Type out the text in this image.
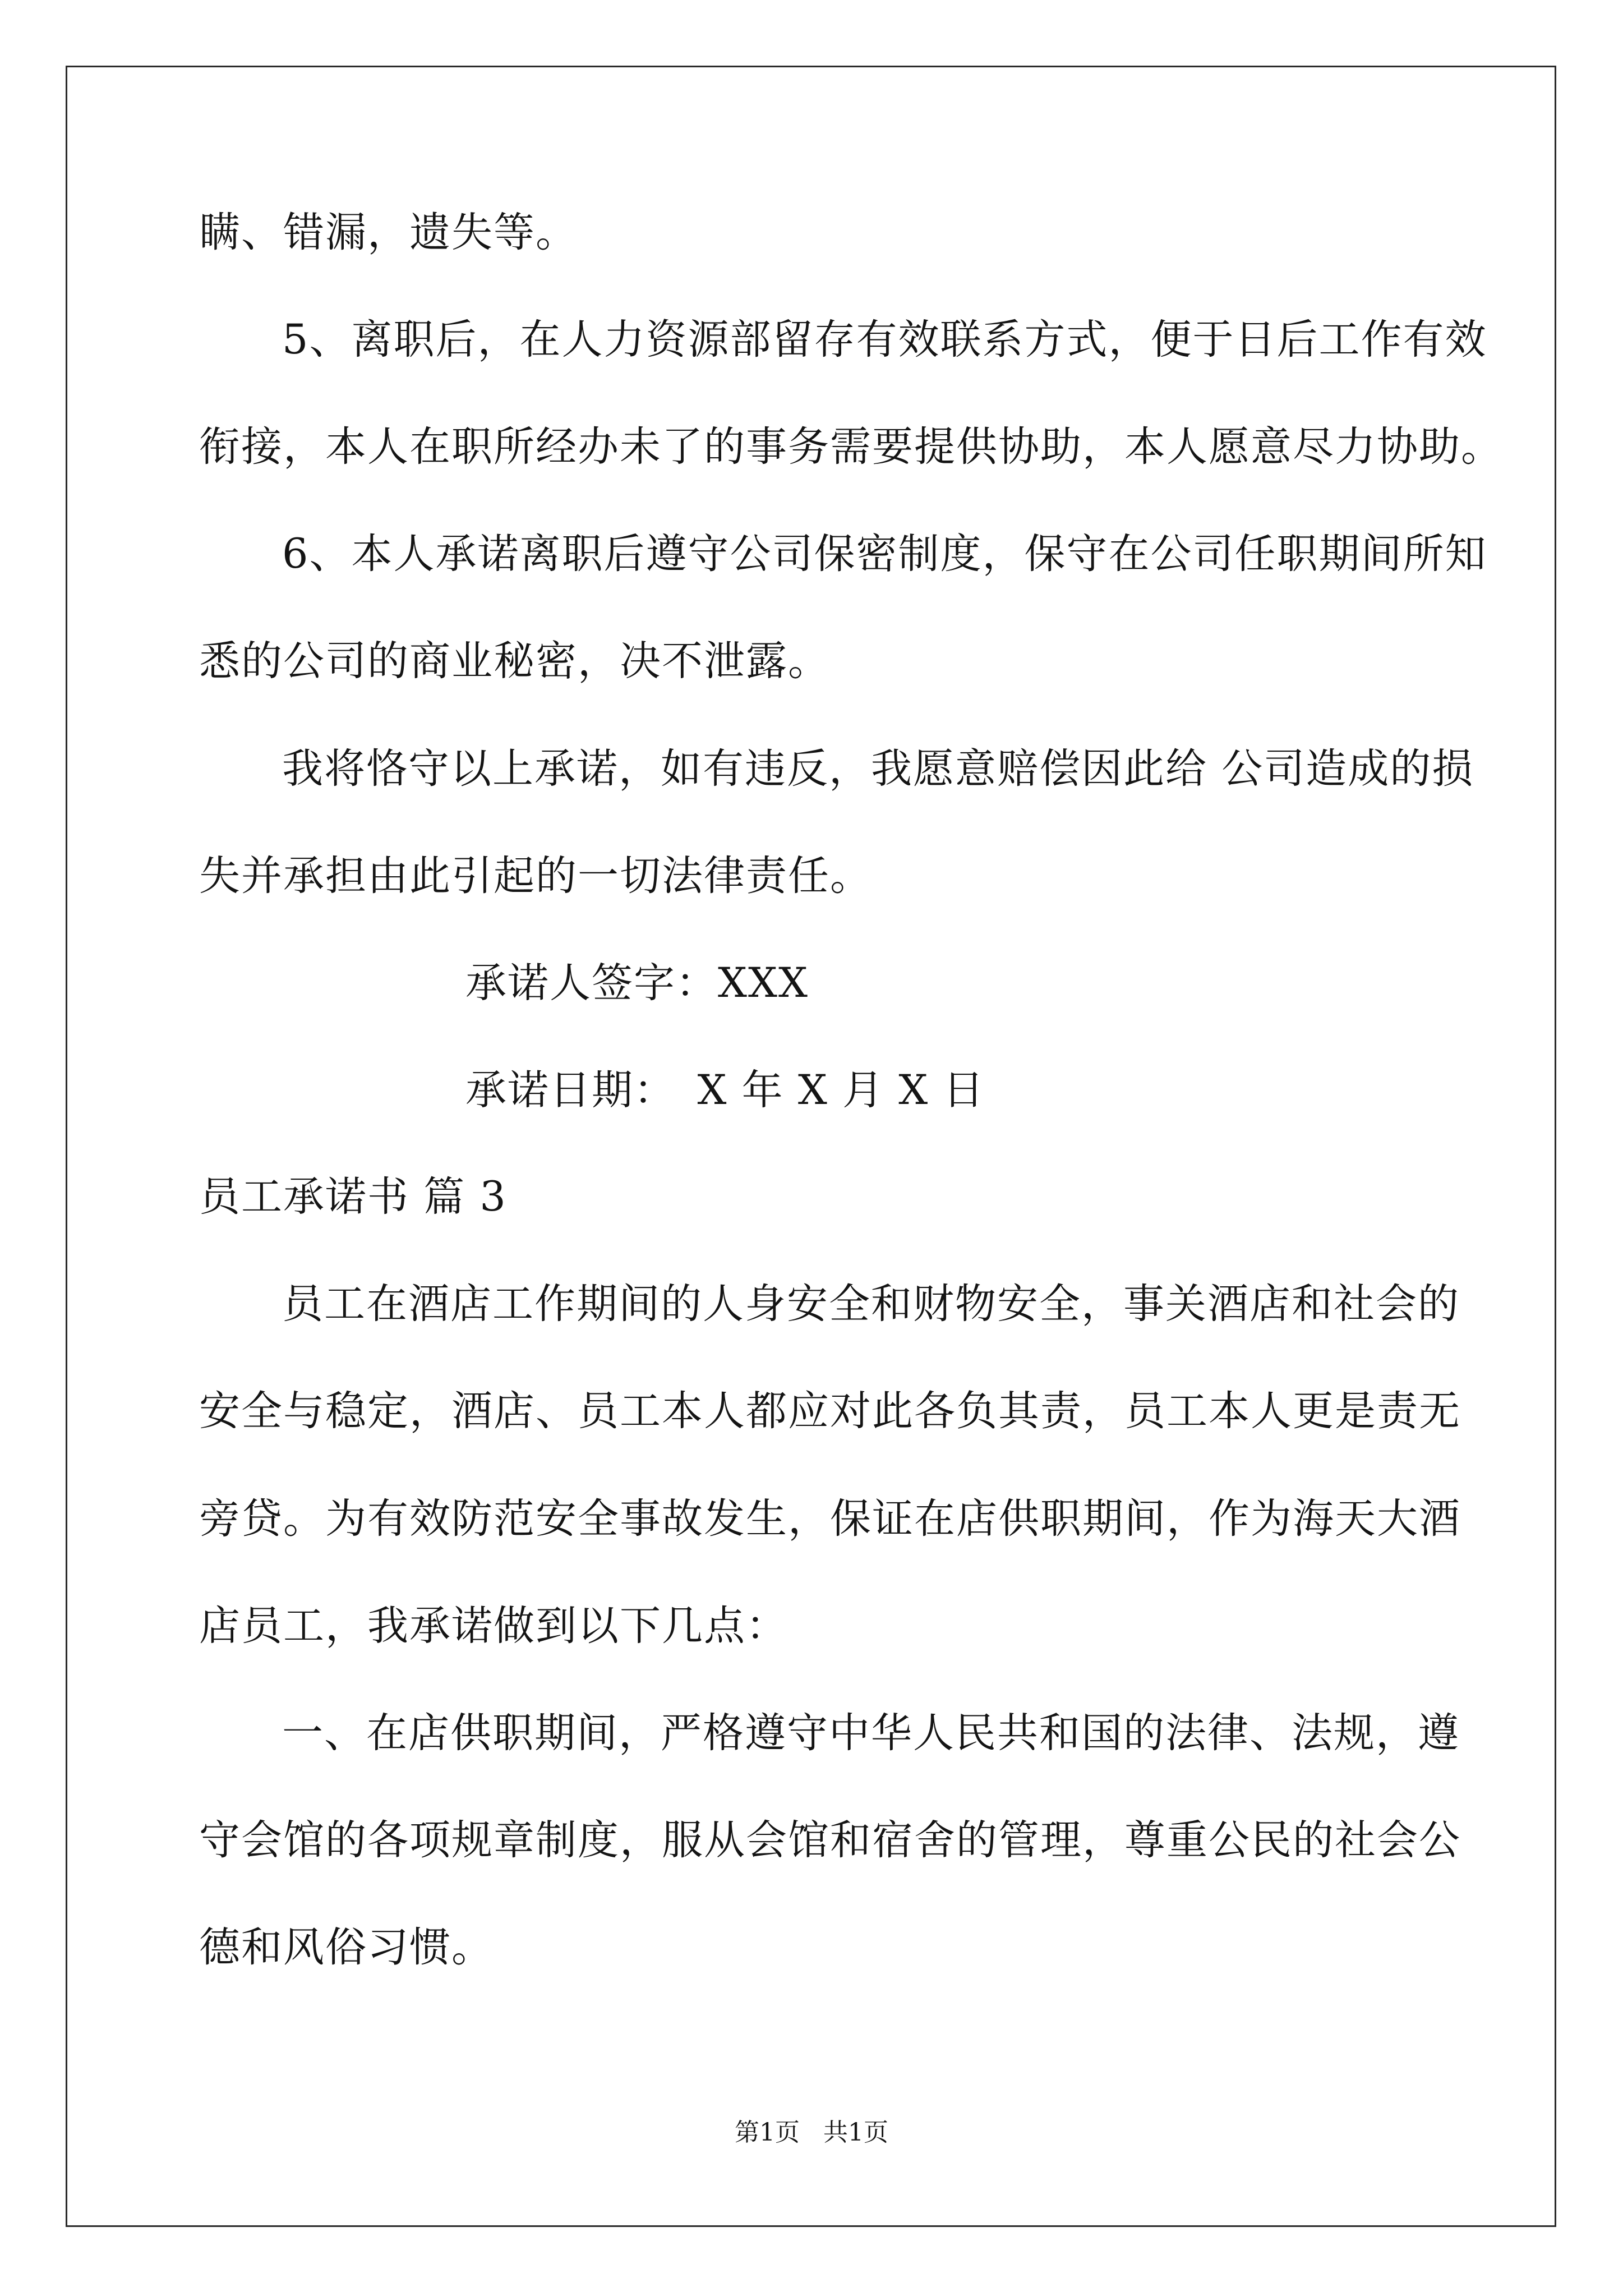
瞒、错漏，遗失等。
5、离职后，在人力资源部留存有效联系方式，便于日后工作有效
衔接，本人在职所经办未了的事务需要提供协助，本人愿意尽力协助。
6、本人承诺离职后遵守公司保密制度，保守在公司任职期间所知
悉的公司的商业秘密，决不泄露。
我将恪守以上承诺，如有违反，我愿意赔偿因此给 公司造成的损
失并承担由此引起的一切法律责任。
承诺人签字：XXX
承诺日期：　X 年 X 月 X 日
员工承诺书 篇 3
员工在酒店工作期间的人身安全和财物安全，事关酒店和社会的
安全与稳定，酒店、员工本人都应对此各负其责，员工本人更是责无
旁贷。为有效防范安全事故发生，保证在店供职期间，作为海天大酒
店员工，我承诺做到以下几点：
一、在店供职期间，严格遵守中华人民共和国的法律、法规，遵
守会馆的各项规章制度，服从会馆和宿舍的管理，尊重公民的社会公
德和风俗习惯。
第1页   共1页
